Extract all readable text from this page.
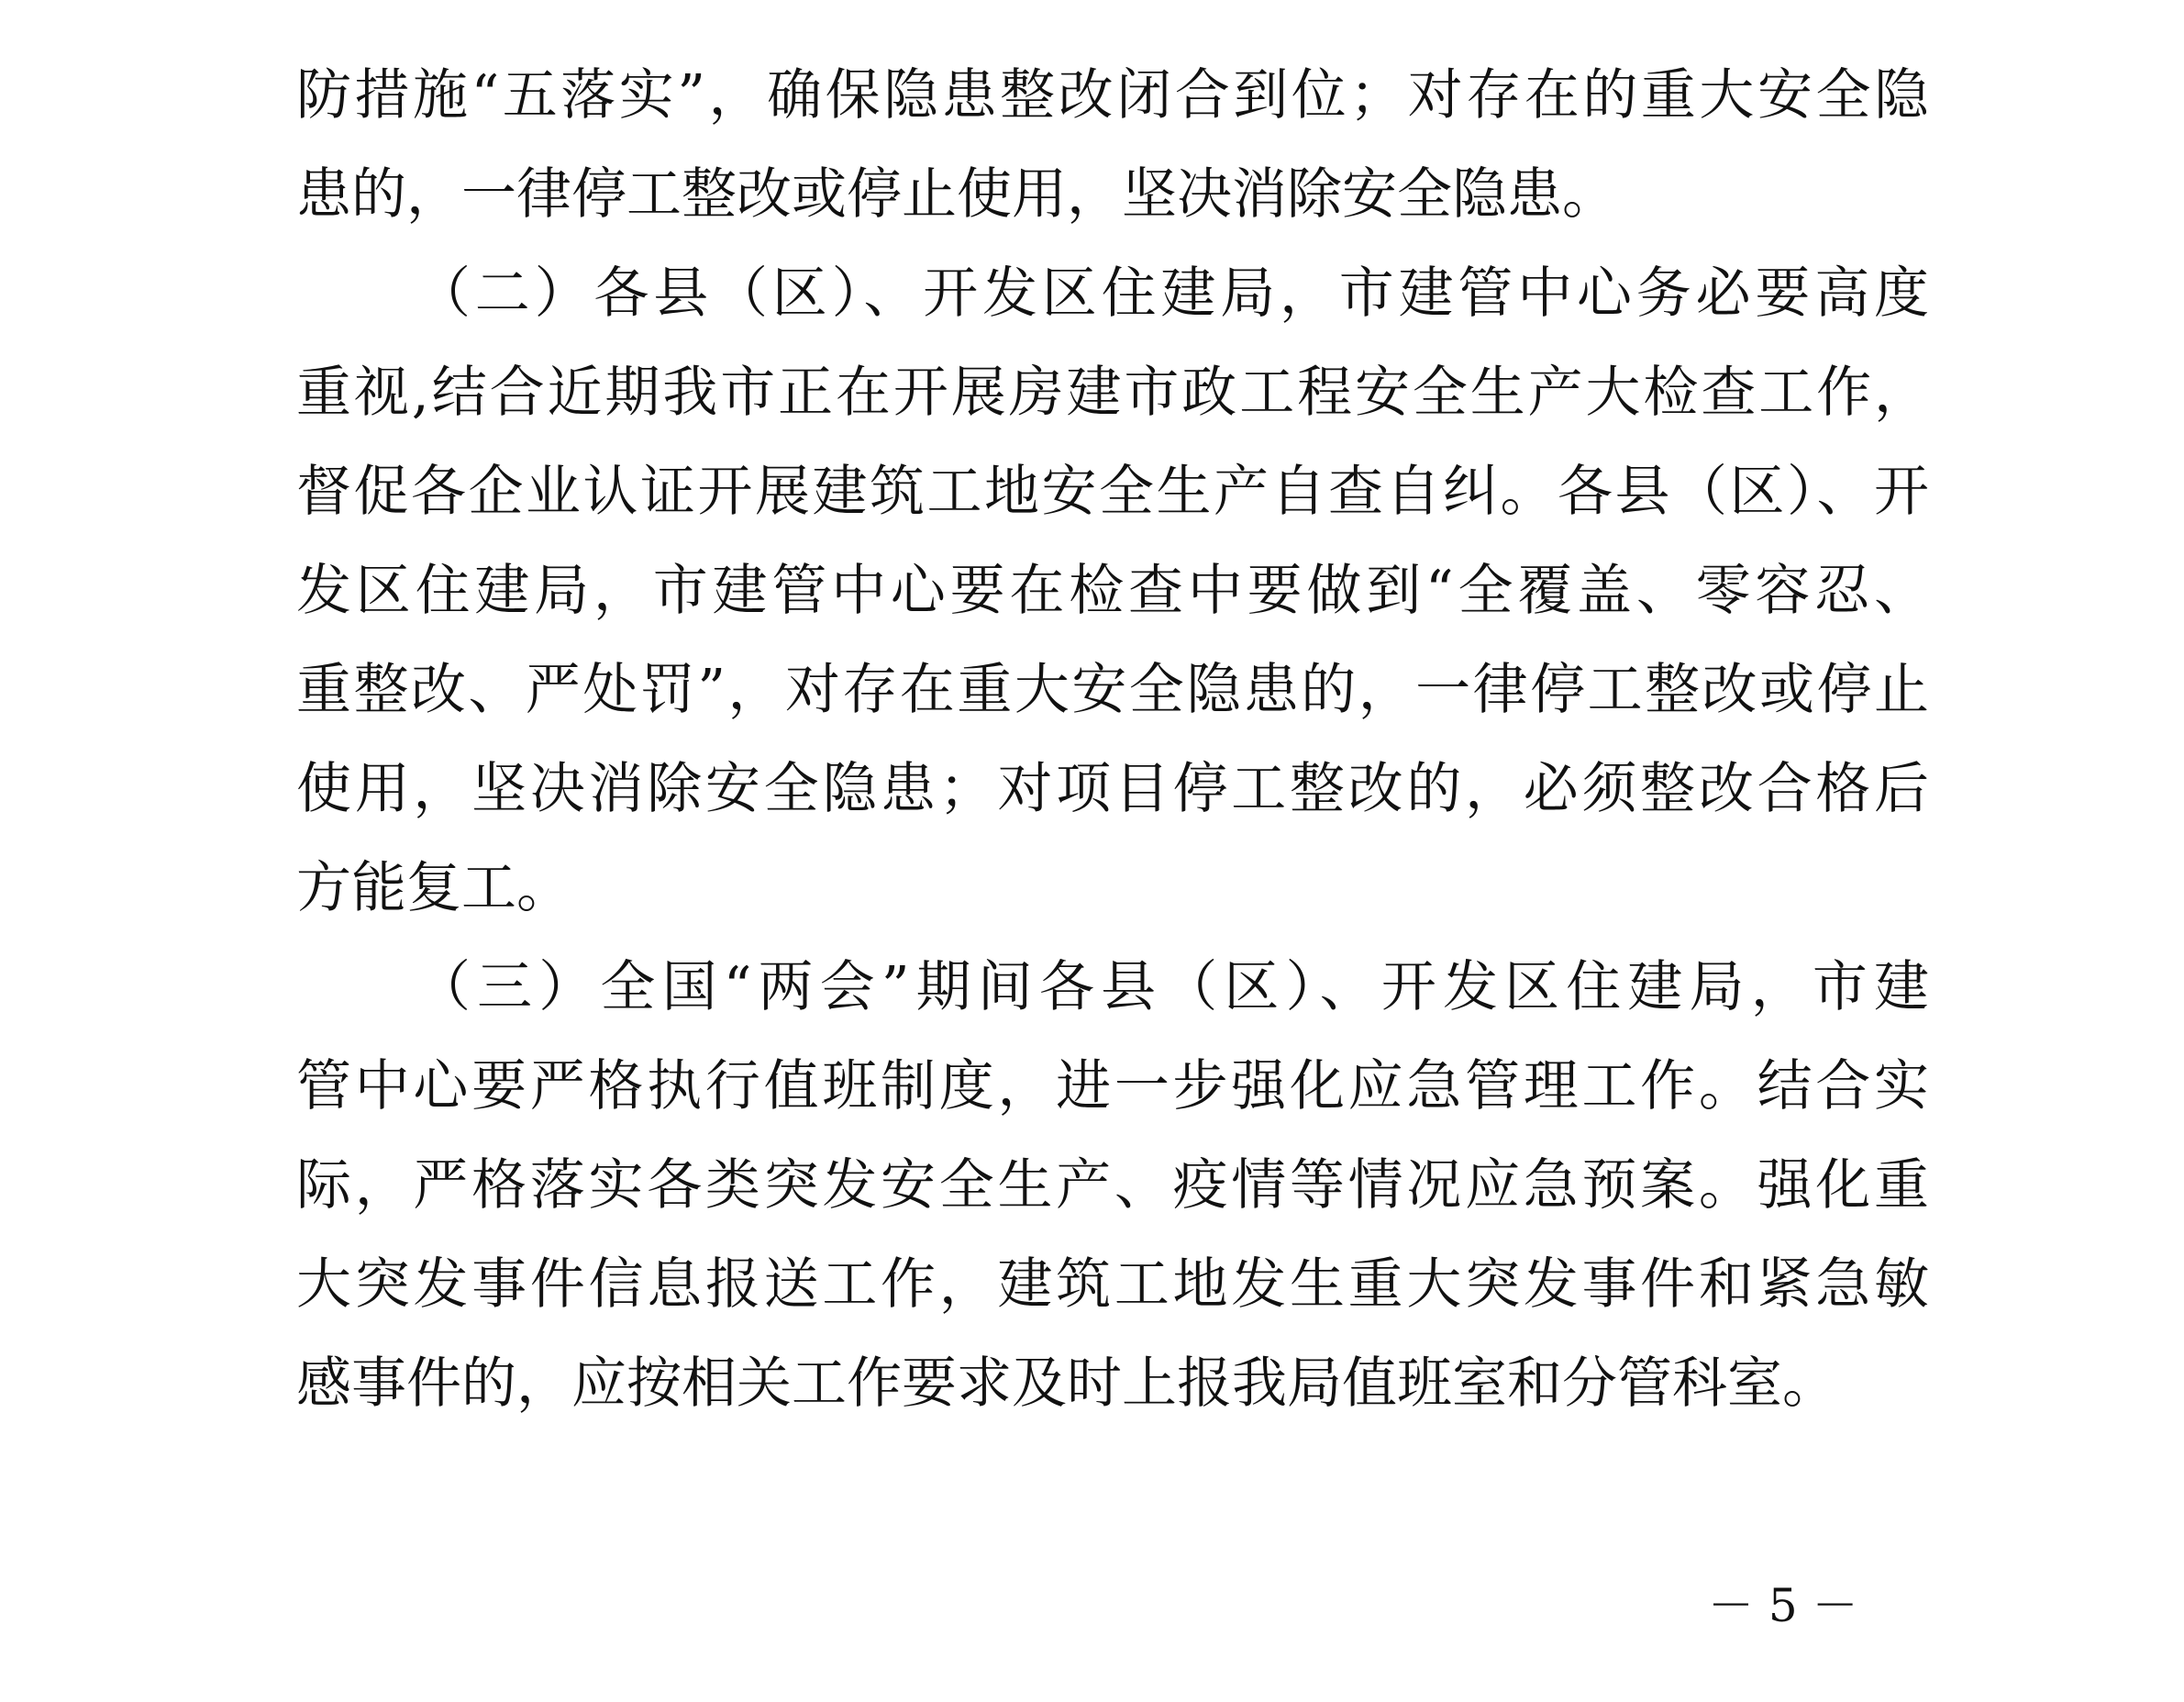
防措施“五落实”，确保隐患整改闭合到位；对存在的重大安全隐
患的，一律停工整改或停止使用，坚决消除安全隐患。
（二）各县（区）、开发区住建局，市建管中心务必要高度
重视,结合近期我市正在开展房建市政工程安全生产大检查工作，
督促各企业认证开展建筑工地安全生产自查自纠。各县（区）、开
发区住建局，市建管中心要在检查中要做到“全覆盖、零容忍、
重整改、严处罚”，对存在重大安全隐患的，一律停工整改或停止
使用，坚决消除安全隐患；对项目停工整改的，必须整改合格后
方能复工。
（三）全国“两会”期间各县（区）、开发区住建局，市建
管中心要严格执行值班制度，进一步强化应急管理工作。结合实
际，严格落实各类突发安全生产、疫情等情况应急预案。强化重
大突发事件信息报送工作，建筑工地发生重大突发事件和紧急敏
感事件的，应按相关工作要求及时上报我局值班室和分管科室。
－ 5 －
